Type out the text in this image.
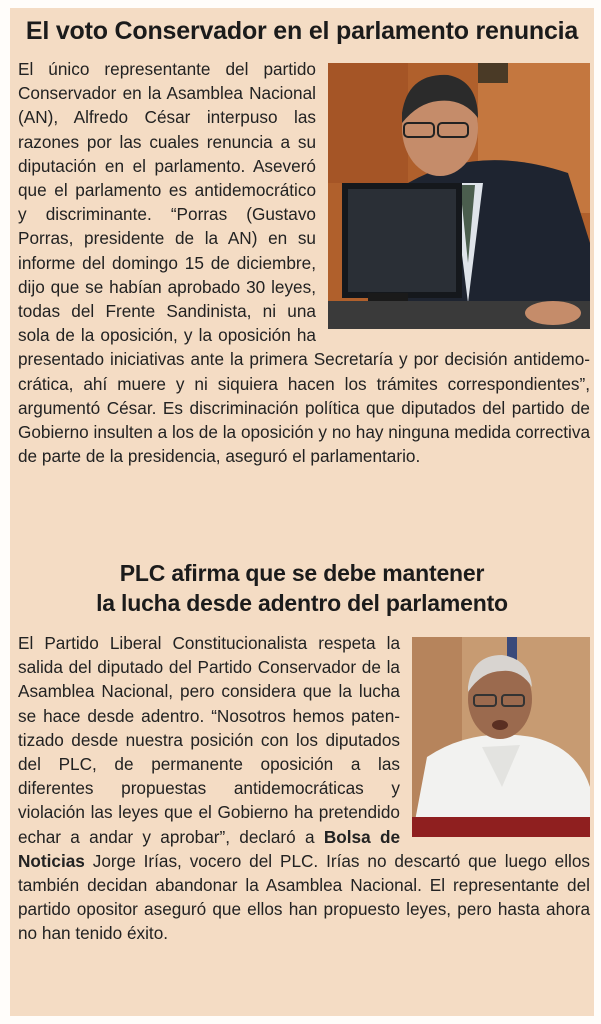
El voto Conservador en el parlamento renuncia
El único representante del partido Conservador en la Asamblea Nacional (AN), Alfredo César interpuso las razones por las cuales renuncia a su diputación en el parlamento. Aseveró que el parlamento es antidemocrático y discriminante. “Porras (Gustavo Porras, presidente de la AN) en su informe del domingo 15 de diciembre, dijo que se habían aprobado 30 leyes, todas del Frente Sandinista, ni una sola de la oposición, y la oposición ha presentado iniciativas ante la primera Secretaría y por decisión antidemocrática, ahí muere y ni siquiera hacen los trámites correspondientes”, argumentó César. Es discriminación política que diputados del partido de Gobierno insulten a los de la oposición y no hay ninguna medida correctiva de parte de la presidencia, aseguró el parlamentario.
PLC afirma que se debe mantener
la lucha desde adentro del parlamento
El Partido Liberal Constitucionalista respeta la salida del diputado del Partido Conservador de la Asamblea Nacional, pero considera que la lucha se hace desde adentro. “Nosotros hemos patentizado desde nuestra posición con los diputados del PLC, de permanente oposición a las diferentes propuestas antidemocráticas y violación las leyes que el Gobierno ha pretendido echar a andar y aprobar”, declaró a Bolsa de Noticias Jorge Irías, vocero del PLC. Irías no descartó que luego ellos también decidan abandonar la Asamblea Nacional. El representante del partido opositor aseguró que ellos han propuesto leyes, pero hasta ahora no han tenido éxito.
